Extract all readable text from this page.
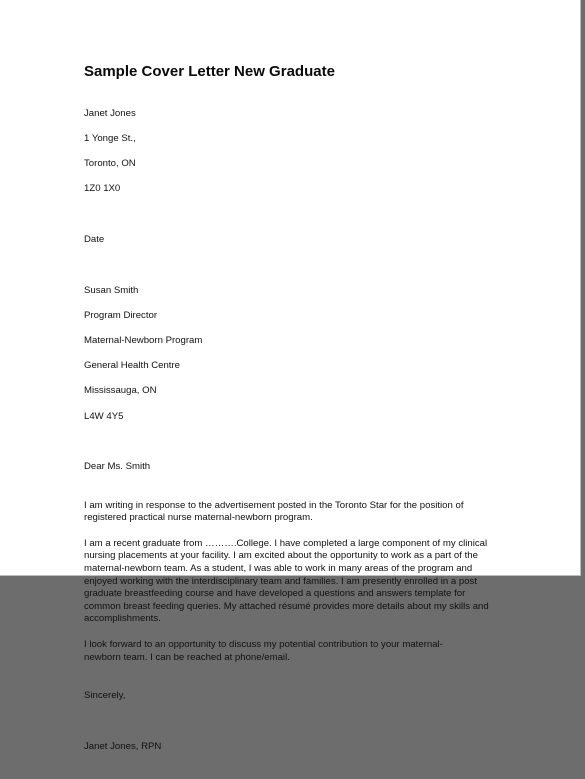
Sample Cover Letter New Graduate

Janet Jones

1 Yonge St.,

Toronto, ON

1Z0 1X0

Date

Susan Smith

Program Director

Maternal-Newborn Program

General Health Centre

Mississauga, ON

L4W 4Y5

Dear Ms. Smith

I am writing in response to the advertisement posted in the Toronto Star for the position of
registered practical nurse maternal-newborn program.
I am a recent graduate from ……….College. I have completed a large component of my clinical
nursing placements at your facility. I am excited about the opportunity to work as a part of the
maternal-newborn team. As a student, I was able to work in many areas of the program and
enjoyed working with the interdisciplinary team and families. I am presently enrolled in a post
graduate breastfeeding course and have developed a questions and answers template for
common breast feeding queries. My attached résumé provides more details about my skills and
accomplishments.
I look forward to an opportunity to discuss my potential contribution to your maternal-
newborn team. I can be reached at phone/email.

Sincerely,

Janet Jones, RPN
